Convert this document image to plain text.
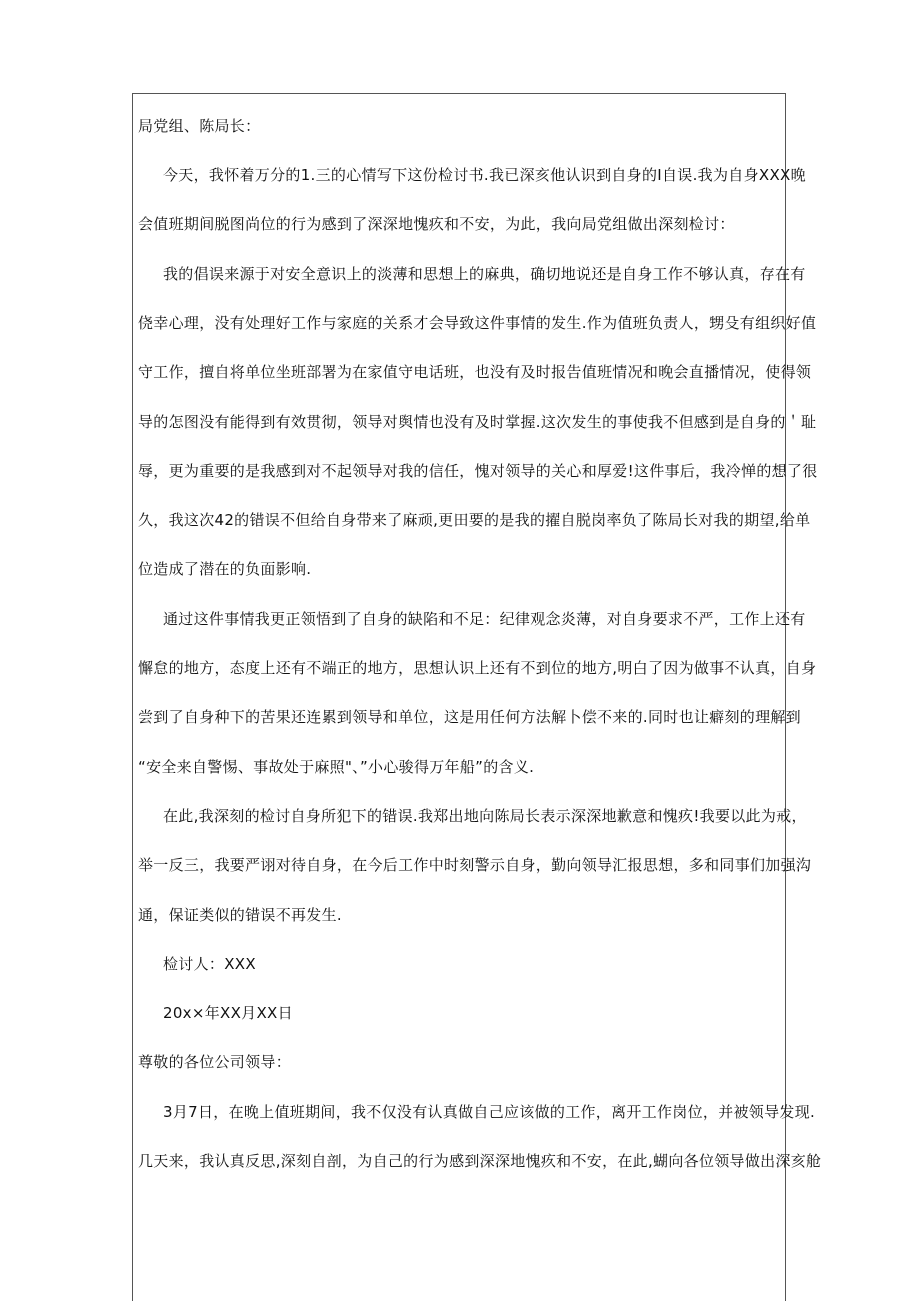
局党组、陈局长：
今天，我怀着万分的1.三的心情写下这份检讨书.我已深亥他认识到自身的I自误.我为自身XXX晚
会值班期间脱图尚位的行为感到了深深地愧疚和不安，为此，我向局党组做出深刻检讨：
我的倡误来源于对安全意识上的淡薄和思想上的麻典，确切地说还是自身工作不够认真，存在有
侥幸心理，没有处理好工作与家庭的关系才会导致这件事情的发生.作为值班负责人，甥殳有组织好值
守工作，擅自将单位坐班部署为在家值守电话班，也没有及时报告值班情况和晚会直播情况，使得领
导的怎图没有能得到有效贯彻，领导对舆情也没有及时掌握.这次发生的事使我不但感到是自身的＇耻
辱，更为重要的是我感到对不起领导对我的信任，愧对领导的关心和厚爱!这件事后，我冷惮的想了很
久，我这次42的错误不但给自身带来了麻顽,更田要的是我的擢自脱岗率负了陈局长对我的期望,给单
位造成了潜在的负面影响.
通过这件事情我更正领悟到了自身的缺陷和不足：纪律观念炎薄，对自身要求不严，工作上还有
懈怠的地方，态度上还有不端正的地方，思想认识上还有不到位的地方,明白了因为做事不认真，自身
尝到了自身种下的苦果还连累到领导和单位，这是用任何方法解卜偿不来的.同时也让癖刻的理解到
“安全来自警惕、事故处于麻照"、”小心骏得万年船”的含义.
在此,我深刻的检讨自身所犯下的错误.我郑出地向陈局长表示深深地歉意和愧疚!我要以此为戒，
举一反三，我要严诩对待自身，在今后工作中时刻警示自身，勤向领导汇报思想，多和同事们加强沟
通，保证类似的错误不再发生.
检讨人：XXX
20x×年XX月XX日
尊敬的各位公司领导：
3月7日，在晚上值班期间，我不仅没有认真做自己应该做的工作，离开工作岗位，并被领导发现.
几天来，我认真反思,深刻自剖，为自己的行为感到深深地愧疚和不安，在此,蝴向各位领导做出深亥舱
